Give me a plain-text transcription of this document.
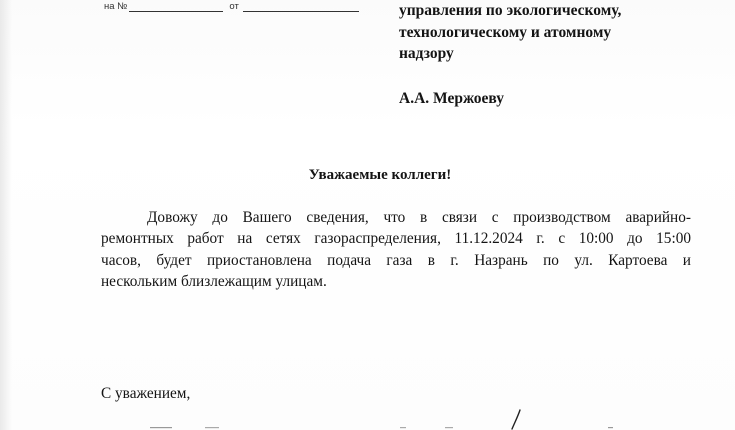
на №	от	управления по экологическому,
технологическому и атомному
надзору
А.А. Мержоеву
Уважаемые коллеги!
Довожу до Вашего сведения, что в связи с производством аварийно-
ремонтных работ на сетях газораспределения, 11.12.2024 г. с 10:00 до 15:00
часов, будет приостановлена подача газа в г. Назрань по ул. Картоева и
нескольким близлежащим улицам.
С уважением,
